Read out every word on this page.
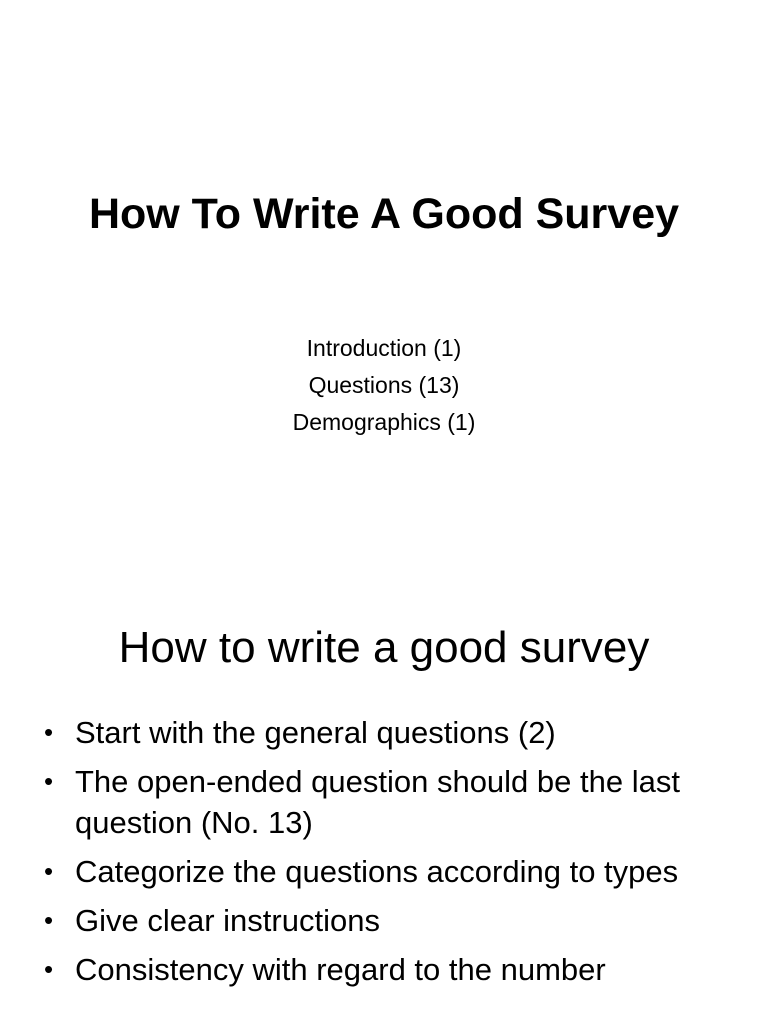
How To Write A Good Survey
Introduction (1)
Questions (13)
Demographics (1)
How to write a good survey
• Start with the general questions (2)
• The open-ended question should be the last question (No. 13)
• Categorize the questions according to types
• Give clear instructions
• Consistency with regard to the number
